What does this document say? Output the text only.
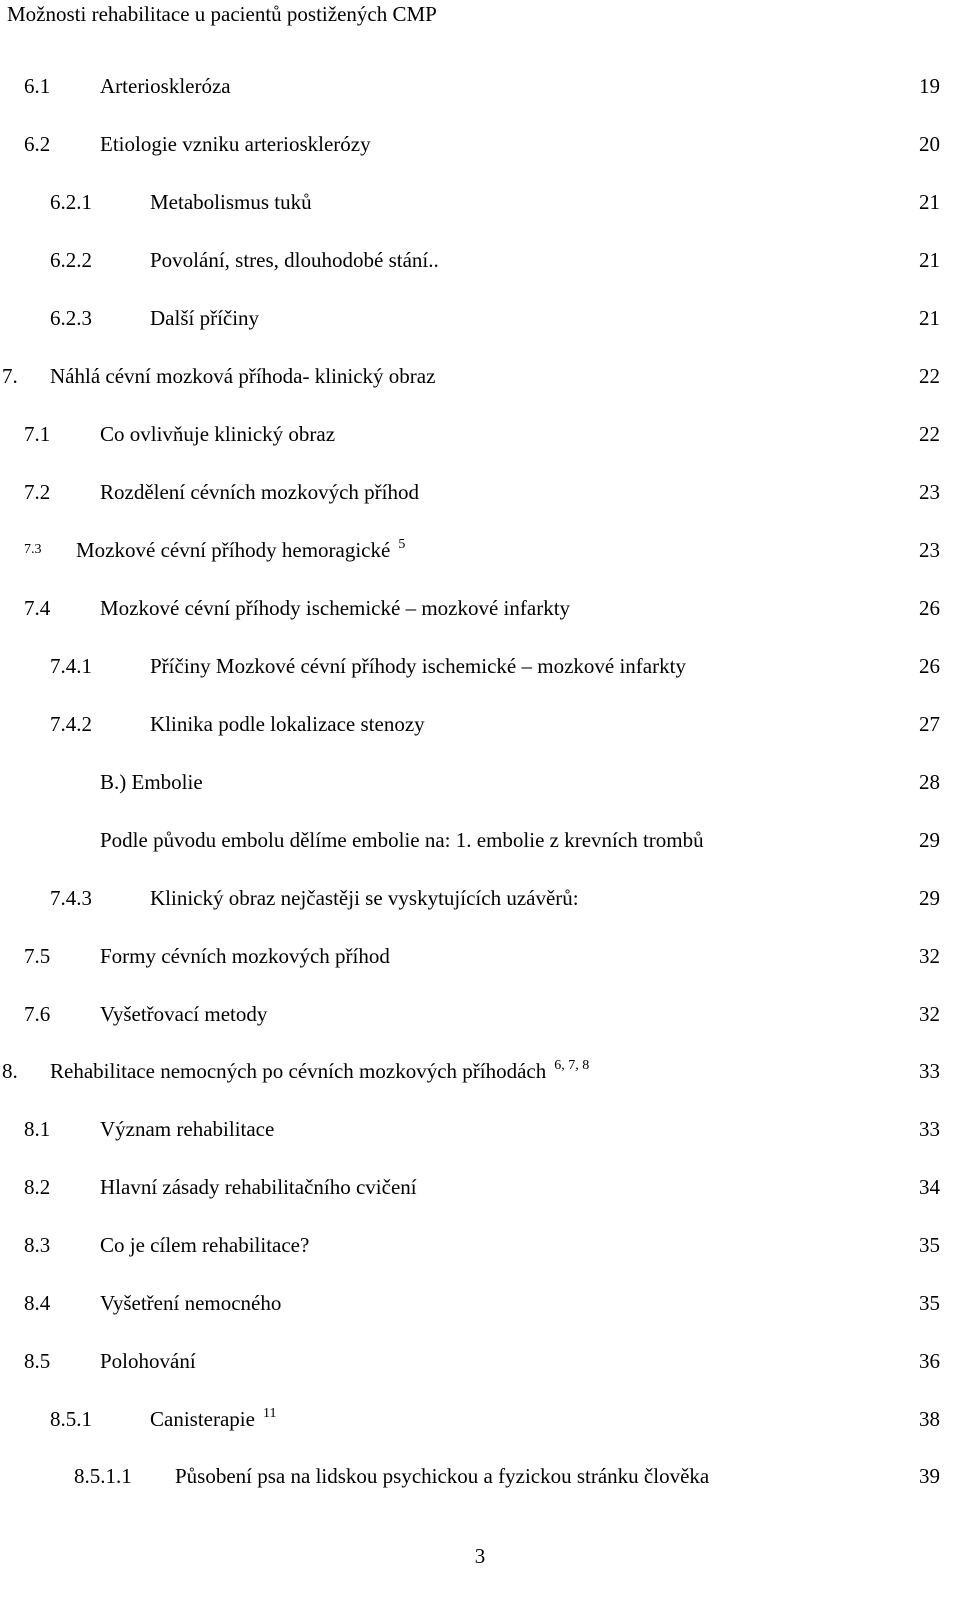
Možnosti rehabilitace u pacientů postižených CMP
6.1 Arterioskleróza	19
6.2 Etiologie vzniku arteriosklerózy	20
6.2.1	Metabolismus tuků	21
6.2.2	Povolání, stres, dlouhodobé stání..	21
6.2.3	Další příčiny	21
7. Náhlá cévní mozková příhoda- klinický obraz	22
7.1 Co ovlivňuje klinický obraz	22
7.2 Rozdělení cévních mozkových příhod	23
7.3 Mozkové cévní příhody hemoragické $^5$	23
7.4 Mozkové cévní příhody ischemické – mozkové infarkty	26
7.4.1	Příčiny Mozkové cévní příhody ischemické – mozkové infarkty	26
7.4.2	Klinika podle lokalizace stenozy	27
B.) Embolie	28
Podle původu embolu dělíme embolie na: 1. embolie z krevních trombů	29
7.4.3	Klinický obraz nejčastěji se vyskytujících uzávěrů:	29
7.5 Formy cévních mozkových příhod	32
7.6 Vyšetřovací metody	32
8. Rehabilitace nemocných po cévních mozkových příhodách $^{6, 7, 8}$	33
8.1 Význam rehabilitace	33
8.2 Hlavní zásady rehabilitačního cvičení	34
8.3 Co je cílem rehabilitace?	35
8.4 Vyšetření nemocného	35
8.5 Polohování	36
8.5.1	Canisterapie $^{11}$	38
8.5.1.1 Působení psa na lidskou psychickou a fyzickou stránku člověka	39
3
